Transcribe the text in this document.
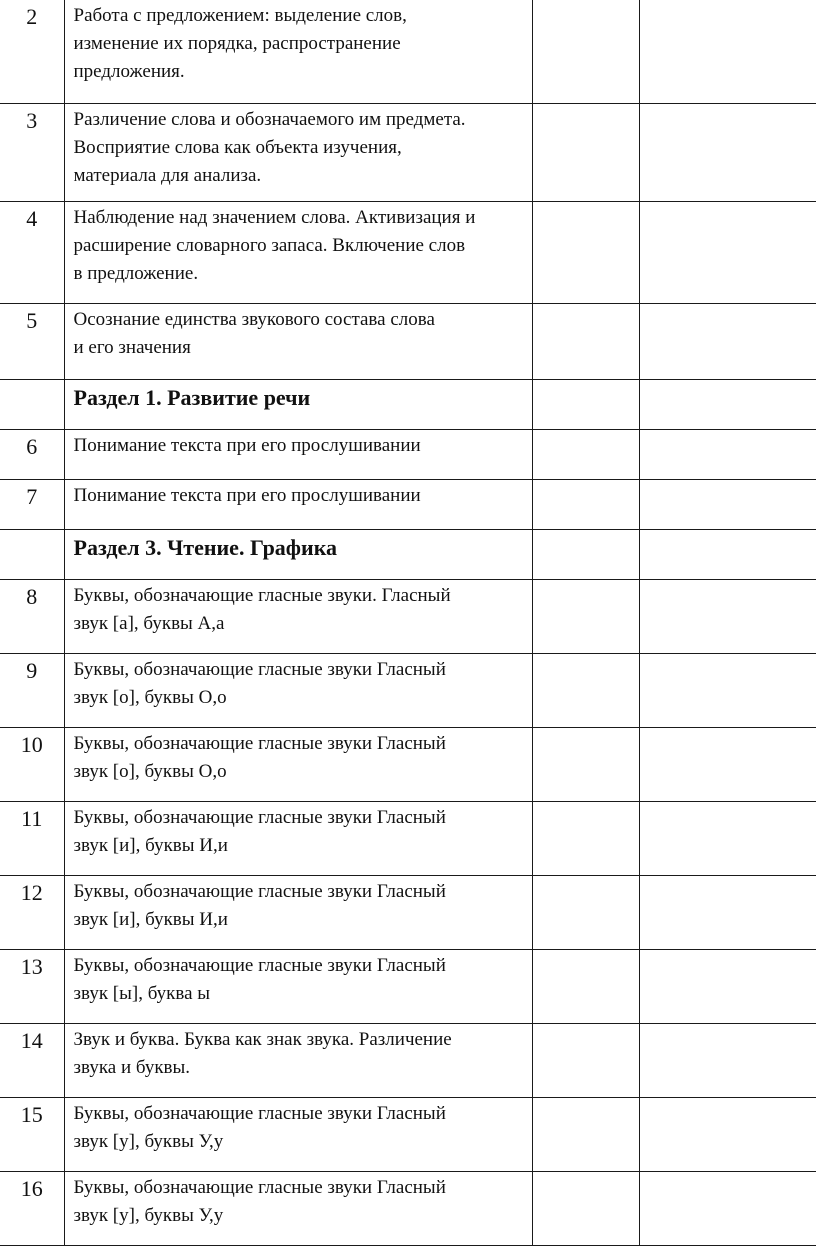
2	Работа с предложением: выделение слов,
изменение их порядка, распространение
предложения.		
3	Различение слова и обозначаемого им предмета.
Восприятие слова как объекта изучения,
материала для анализа.		
4	Наблюдение над значением слова. Активизация и
расширение словарного запаса. Включение слов
в предложение.		
5	Осознание единства звукового состава слова
и его значения		
	Раздел 1. Развитие речи		
6	Понимание текста при его прослушивании		
7	Понимание текста при его прослушивании		
	Раздел 3. Чтение. Графика		
8	Буквы, обозначающие гласные звуки. Гласный
звук [а], буквы А,а		
9	Буквы, обозначающие гласные звуки Гласный
звук [о], буквы О,о		
10	Буквы, обозначающие гласные звуки Гласный
звук [о], буквы О,о		
11	Буквы, обозначающие гласные звуки Гласный
звук [и], буквы И,и		
12	Буквы, обозначающие гласные звуки Гласный
звук [и], буквы И,и		
13	Буквы, обозначающие гласные звуки Гласный
звук [ы], буква ы		
14	Звук и буква. Буква как знак звука. Различение
звука и буквы.		
15	Буквы, обозначающие гласные звуки Гласный
звук [у], буквы У,у		
16	Буквы, обозначающие гласные звуки Гласный
звук [у], буквы У,у		
